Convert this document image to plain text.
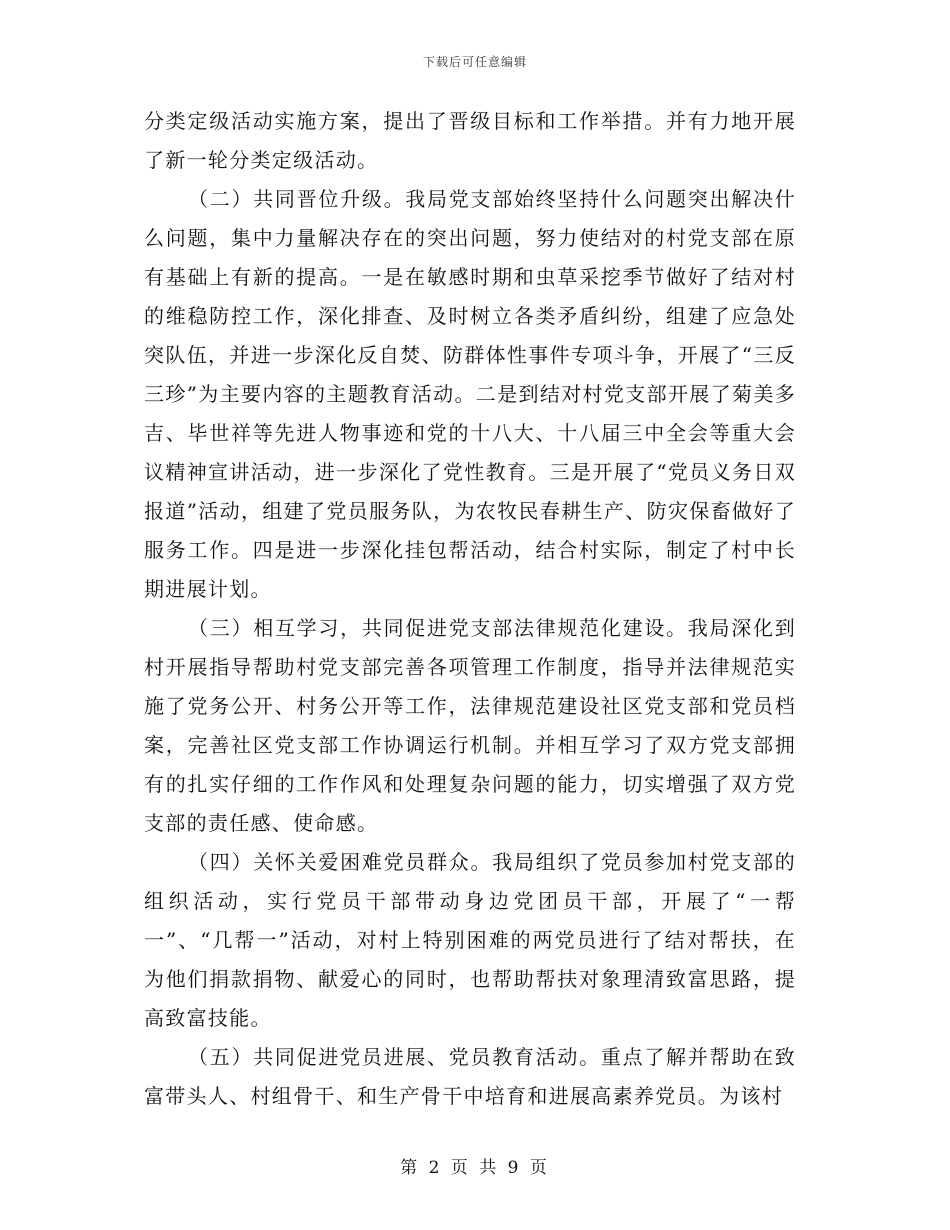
下载后可任意编辑

分类定级活动实施方案，提出了晋级目标和工作举措。并有力地开展了新一轮分类定级活动。

（二）共同晋位升级。我局党支部始终坚持什么问题突出解决什么问题，集中力量解决存在的突出问题，努力使结对的村党支部在原有基础上有新的提高。一是在敏感时期和虫草采挖季节做好了结对村的维稳防控工作，深化排查、及时树立各类矛盾纠纷，组建了应急处突队伍，并进一步深化反自焚、防群体性事件专项斗争，开展了“三反三珍”为主要内容的主题教育活动。二是到结对村党支部开展了菊美多吉、毕世祥等先进人物事迹和党的十八大、十八届三中全会等重大会议精神宣讲活动，进一步深化了党性教育。三是开展了“党员义务日双报道”活动，组建了党员服务队，为农牧民春耕生产、防灾保畜做好了服务工作。四是进一步深化挂包帮活动，结合村实际，制定了村中长期进展计划。

（三）相互学习，共同促进党支部法律规范化建设。我局深化到村开展指导帮助村党支部完善各项管理工作制度，指导并法律规范实施了党务公开、村务公开等工作，法律规范建设社区党支部和党员档案，完善社区党支部工作协调运行机制。并相互学习了双方党支部拥有的扎实仔细的工作作风和处理复杂问题的能力，切实增强了双方党支部的责任感、使命感。

（四）关怀关爱困难党员群众。我局组织了党员参加村党支部的组织活动，实行党员干部带动身边党团员干部，开展了“一帮一”、“几帮一”活动，对村上特别困难的两党员进行了结对帮扶，在为他们捐款捐物、献爱心的同时，也帮助帮扶对象理清致富思路，提高致富技能。

（五）共同促进党员进展、党员教育活动。重点了解并帮助在致富带头人、村组骨干、和生产骨干中培育和进展高素养党员。为该村

第 2 页 共 9 页
